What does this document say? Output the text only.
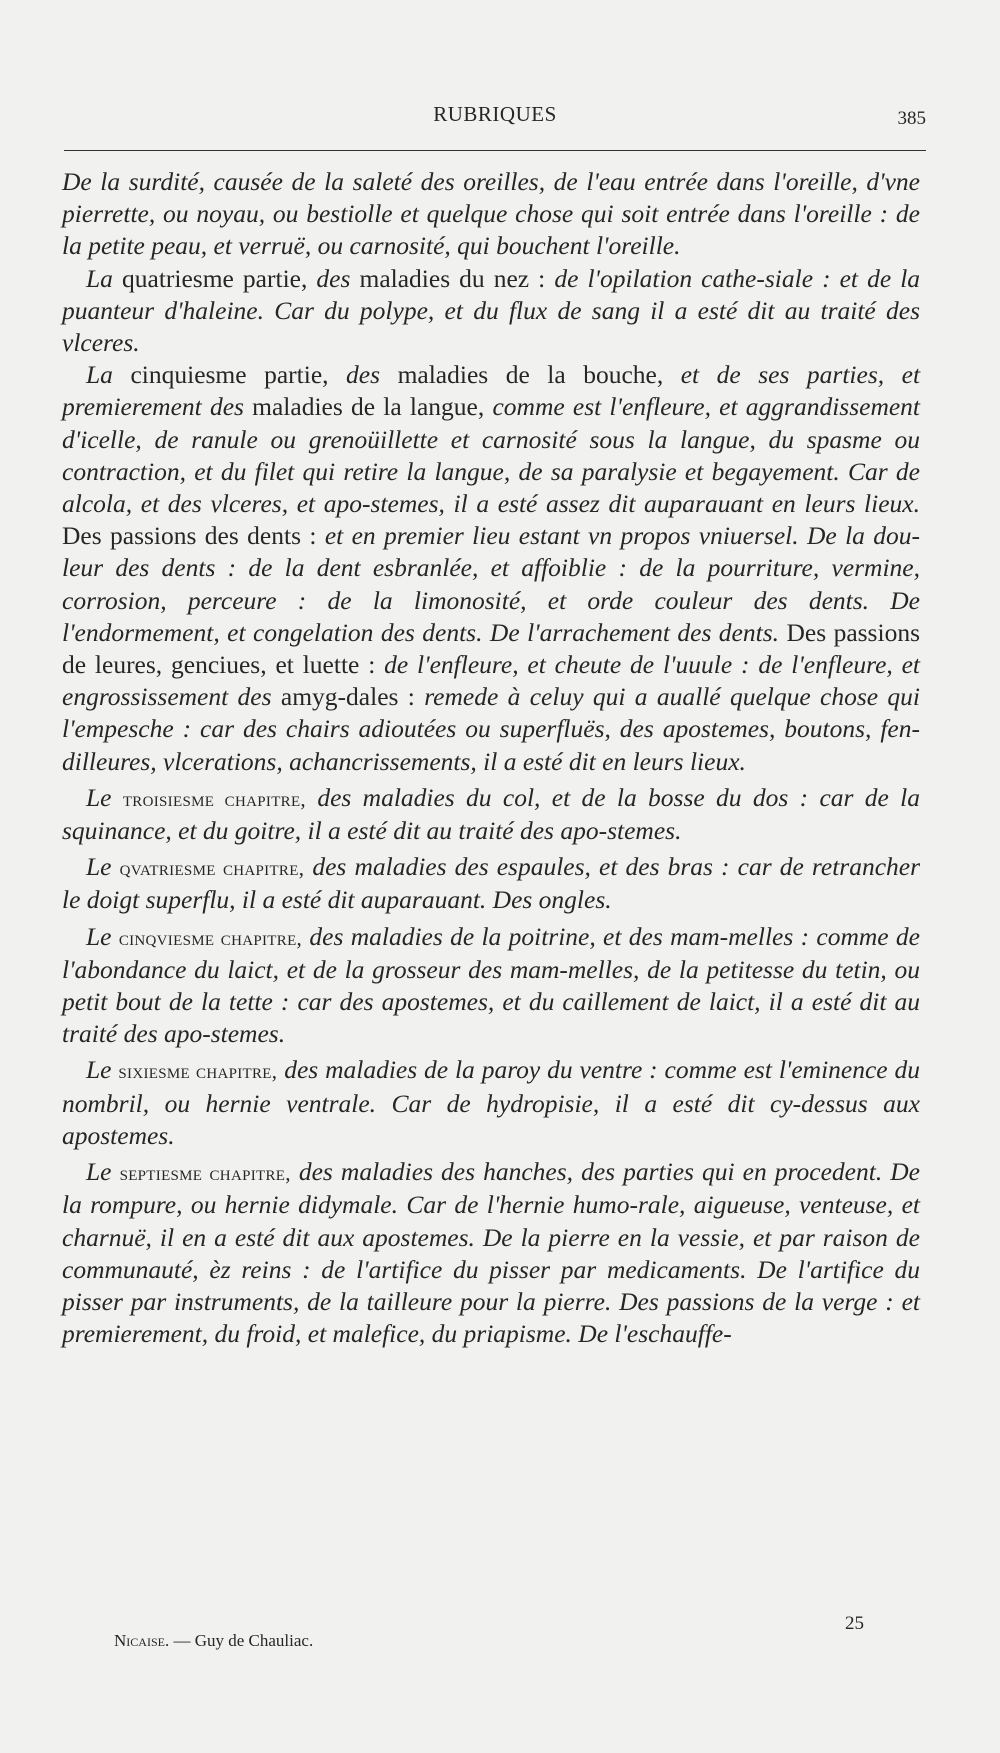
RUBRIQUES	385

De la surdité, causée de la saleté des oreilles, de l'eau entrée dans l'oreille, d'vne pierrette, ou noyau, ou bestiolle et quelque chose qui soit entrée dans l'oreille : de la petite peau, et verruë, ou carnosité, qui bouchent l'oreille.

La quatriesme partie, des maladies du nez : de l'opilation cathe-siale : et de la puanteur d'haleine. Car du polype, et du flux de sang il a esté dit au traité des vlceres.

La cinquiesme partie, des maladies de la bouche, et de ses parties, et premierement des maladies de la langue, comme est l'enfleure, et aggrandissement d'icelle, de ranule ou grenoüillette et carnosité sous la langue, du spasme ou contraction, et du filet qui retire la langue, de sa paralysie et begayement. Car de alcola, et des vlceres, et apo-stemes, il a esté assez dit auparauant en leurs lieux. Des passions des dents : et en premier lieu estant vn propos vniuersel. De la dou-leur des dents : de la dent esbranlée, et affoiblie : de la pourriture, vermine, corrosion, perceure : de la limonosité, et orde couleur des dents. De l'endormement, et congelation des dents. De l'arrachement des dents. Des passions de leures, genciues, et luette : de l'enfleure, et cheute de l'uuule : de l'enfleure, et engrossissement des amyg-dales : remede à celuy qui a auallé quelque chose qui l'empesche : car des chairs adioutées ou superfluës, des apostemes, boutons, fen-dilleures, vlcerations, achancrissements, il a esté dit en leurs lieux.

Le troisiesme chapitre, des maladies du col, et de la bosse du dos : car de la squinance, et du goitre, il a esté dit au traité des apo-stemes.

Le qvatriesme chapitre, des maladies des espaules, et des bras : car de retrancher le doigt superflu, il a esté dit auparauant. Des ongles.

Le cinqviesme chapitre, des maladies de la poitrine, et des mam-melles : comme de l'abondance du laict, et de la grosseur des mam-melles, de la petitesse du tetin, ou petit bout de la tette : car des apostemes, et du caillement de laict, il a esté dit au traité des apo-stemes.

Le sixiesme chapitre, des maladies de la paroy du ventre : comme est l'eminence du nombril, ou hernie ventrale. Car de hydropisie, il a esté dit cy-dessus aux apostemes.

Le septiesme chapitre, des maladies des hanches, des parties qui en procedent. De la rompure, ou hernie didymale. Car de l'hernie humo-rale, aigueuse, venteuse, et charnuë, il en a esté dit aux apostemes. De la pierre en la vessie, et par raison de communauté, èz reins : de l'artifice du pisser par medicaments. De l'artifice du pisser par instruments, de la tailleure pour la pierre. Des passions de la verge : et premierement, du froid, et malefice, du priapisme. De l'eschauffe-

Nicaise. — Guy de Chauliac.
25
